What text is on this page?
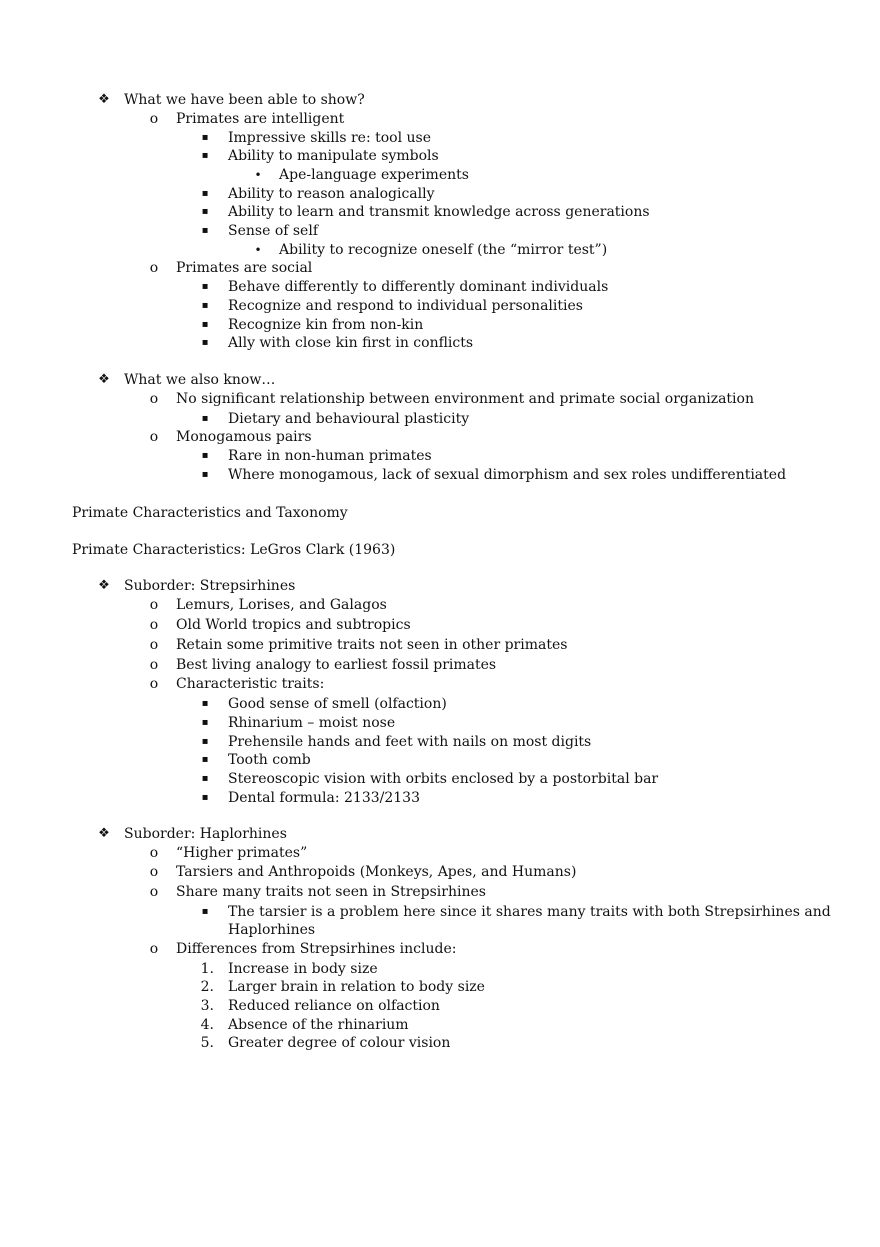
❖ What we have been able to show?
o Primates are intelligent
▪ Impressive skills re: tool use
▪ Ability to manipulate symbols
• Ape-language experiments
▪ Ability to reason analogically
▪ Ability to learn and transmit knowledge across generations
▪ Sense of self
• Ability to recognize oneself (the “mirror test”)
o Primates are social
▪ Behave differently to differently dominant individuals
▪ Recognize and respond to individual personalities
▪ Recognize kin from non-kin
▪ Ally with close kin first in conflicts
❖ What we also know…
o No significant relationship between environment and primate social organization
▪ Dietary and behavioural plasticity
o Monogamous pairs
▪ Rare in non-human primates
▪ Where monogamous, lack of sexual dimorphism and sex roles undifferentiated
Primate Characteristics and Taxonomy
Primate Characteristics: LeGros Clark (1963)
❖ Suborder: Strepsirhines
o Lemurs, Lorises, and Galagos
o Old World tropics and subtropics
o Retain some primitive traits not seen in other primates
o Best living analogy to earliest fossil primates
o Characteristic traits:
▪ Good sense of smell (olfaction)
▪ Rhinarium – moist nose
▪ Prehensile hands and feet with nails on most digits
▪ Tooth comb
▪ Stereoscopic vision with orbits enclosed by a postorbital bar
▪ Dental formula: 2133/2133
❖ Suborder: Haplorhines
o “Higher primates”
o Tarsiers and Anthropoids (Monkeys, Apes, and Humans)
o Share many traits not seen in Strepsirhines
▪ The tarsier is a problem here since it shares many traits with both Strepsirhines and
Haplorhines
o Differences from Strepsirhines include:
1. Increase in body size
2. Larger brain in relation to body size
3. Reduced reliance on olfaction
4. Absence of the rhinarium
5. Greater degree of colour vision
